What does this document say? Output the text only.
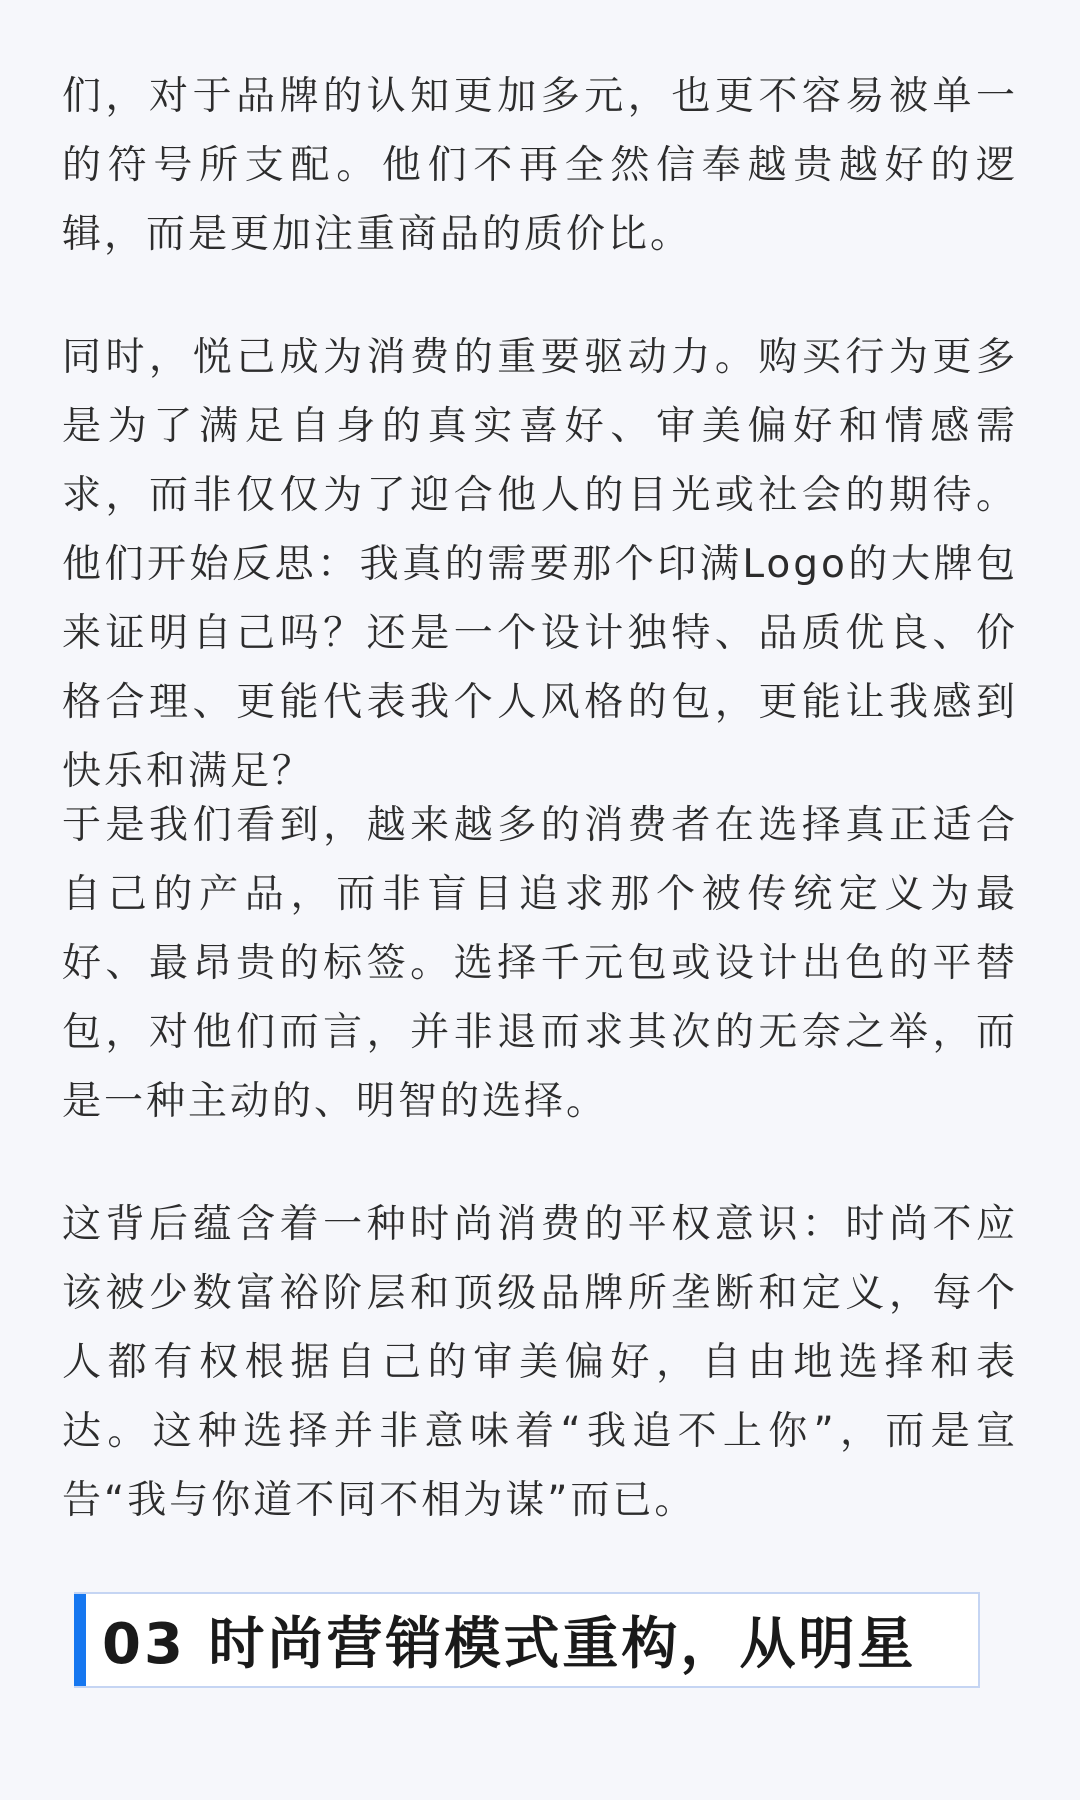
们，对于品牌的认知更加多元，也更不容易被单一的符号所支配。他们不再全然信奉越贵越好的逻辑，而是更加注重商品的质价比。

同时，悦己成为消费的重要驱动力。购买行为更多是为了满足自身的真实喜好、审美偏好和情感需求，而非仅仅为了迎合他人的目光或社会的期待。他们开始反思：我真的需要那个印满Logo的大牌包来证明自己吗？还是一个设计独特、品质优良、价格合理、更能代表我个人风格的包，更能让我感到快乐和满足？

于是我们看到，越来越多的消费者在选择真正适合自己的产品，而非盲目追求那个被传统定义为最好、最昂贵的标签。选择千元包或设计出色的平替包，对他们而言，并非退而求其次的无奈之举，而是一种主动的、明智的选择。

这背后蕴含着一种时尚消费的平权意识：时尚不应该被少数富裕阶层和顶级品牌所垄断和定义，每个人都有权根据自己的审美偏好，自由地选择和表达。这种选择并非意味着“我追不上你”，而是宣告“我与你道不同不相为谋”而已。

03 时尚营销模式重构，从明星
